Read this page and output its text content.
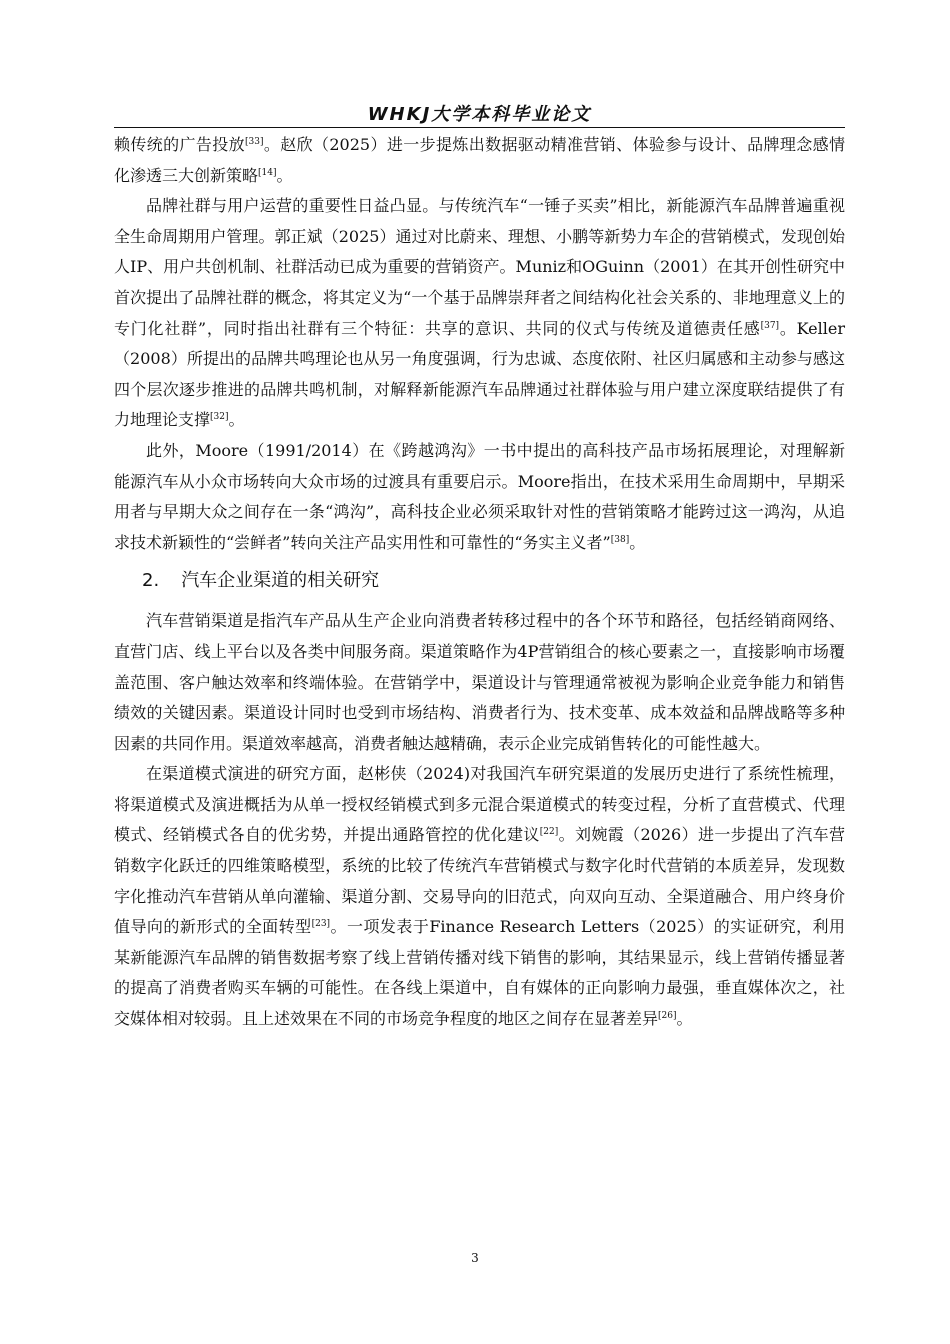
WHKJ大学本科毕业论文

赖传统的广告投放[33]。赵欣（2025）进一步提炼出数据驱动精准营销、体验参与设计、品牌理念感情化渗透三大创新策略[14]。

品牌社群与用户运营的重要性日益凸显。与传统汽车“一锤子买卖”相比，新能源汽车品牌普遍重视全生命周期用户管理。郭正斌（2025）通过对比蔚来、理想、小鹏等新势力车企的营销模式，发现创始人IP、用户共创机制、社群活动已成为重要的营销资产。Muniz和OGuinn（2001）在其开创性研究中首次提出了品牌社群的概念，将其定义为“一个基于品牌崇拜者之间结构化社会关系的、非地理意义上的专门化社群”，同时指出社群有三个特征：共享的意识、共同的仪式与传统及道德责任感[37]。Keller（2008）所提出的品牌共鸣理论也从另一角度强调，行为忠诚、态度依附、社区归属感和主动参与感这四个层次逐步推进的品牌共鸣机制，对解释新能源汽车品牌通过社群体验与用户建立深度联结提供了有力地理论支撑[32]。

此外，Moore（1991/2014）在《跨越鸿沟》一书中提出的高科技产品市场拓展理论，对理解新能源汽车从小众市场转向大众市场的过渡具有重要启示。Moore指出，在技术采用生命周期中，早期采用者与早期大众之间存在一条“鸿沟”，高科技企业必须采取针对性的营销策略才能跨过这一鸿沟，从追求技术新颖性的“尝鲜者”转向关注产品实用性和可靠性的“务实主义者”[38]。

2. 汽车企业渠道的相关研究

汽车营销渠道是指汽车产品从生产企业向消费者转移过程中的各个环节和路径，包括经销商网络、直营门店、线上平台以及各类中间服务商。渠道策略作为4P营销组合的核心要素之一，直接影响市场覆盖范围、客户触达效率和终端体验。在营销学中，渠道设计与管理通常被视为影响企业竞争能力和销售绩效的关键因素。渠道设计同时也受到市场结构、消费者行为、技术变革、成本效益和品牌战略等多种因素的共同作用。渠道效率越高，消费者触达越精确，表示企业完成销售转化的可能性越大。

在渠道模式演进的研究方面，赵彬侠（2024)对我国汽车研究渠道的发展历史进行了系统性梳理，将渠道模式及演进概括为从单一授权经销模式到多元混合渠道模式的转变过程，分析了直营模式、代理模式、经销模式各自的优劣势，并提出通路管控的优化建议[22]。刘婉霞（2026）进一步提出了汽车营销数字化跃迁的四维策略模型，系统的比较了传统汽车营销模式与数字化时代营销的本质差异，发现数字化推动汽车营销从单向灌输、渠道分割、交易导向的旧范式，向双向互动、全渠道融合、用户终身价值导向的新形式的全面转型[23]。一项发表于Finance Research Letters（2025）的实证研究，利用某新能源汽车品牌的销售数据考察了线上营销传播对线下销售的影响，其结果显示，线上营销传播显著的提高了消费者购买车辆的可能性。在各线上渠道中，自有媒体的正向影响力最强，垂直媒体次之，社交媒体相对较弱。且上述效果在不同的市场竞争程度的地区之间存在显著差异[26]。

3
